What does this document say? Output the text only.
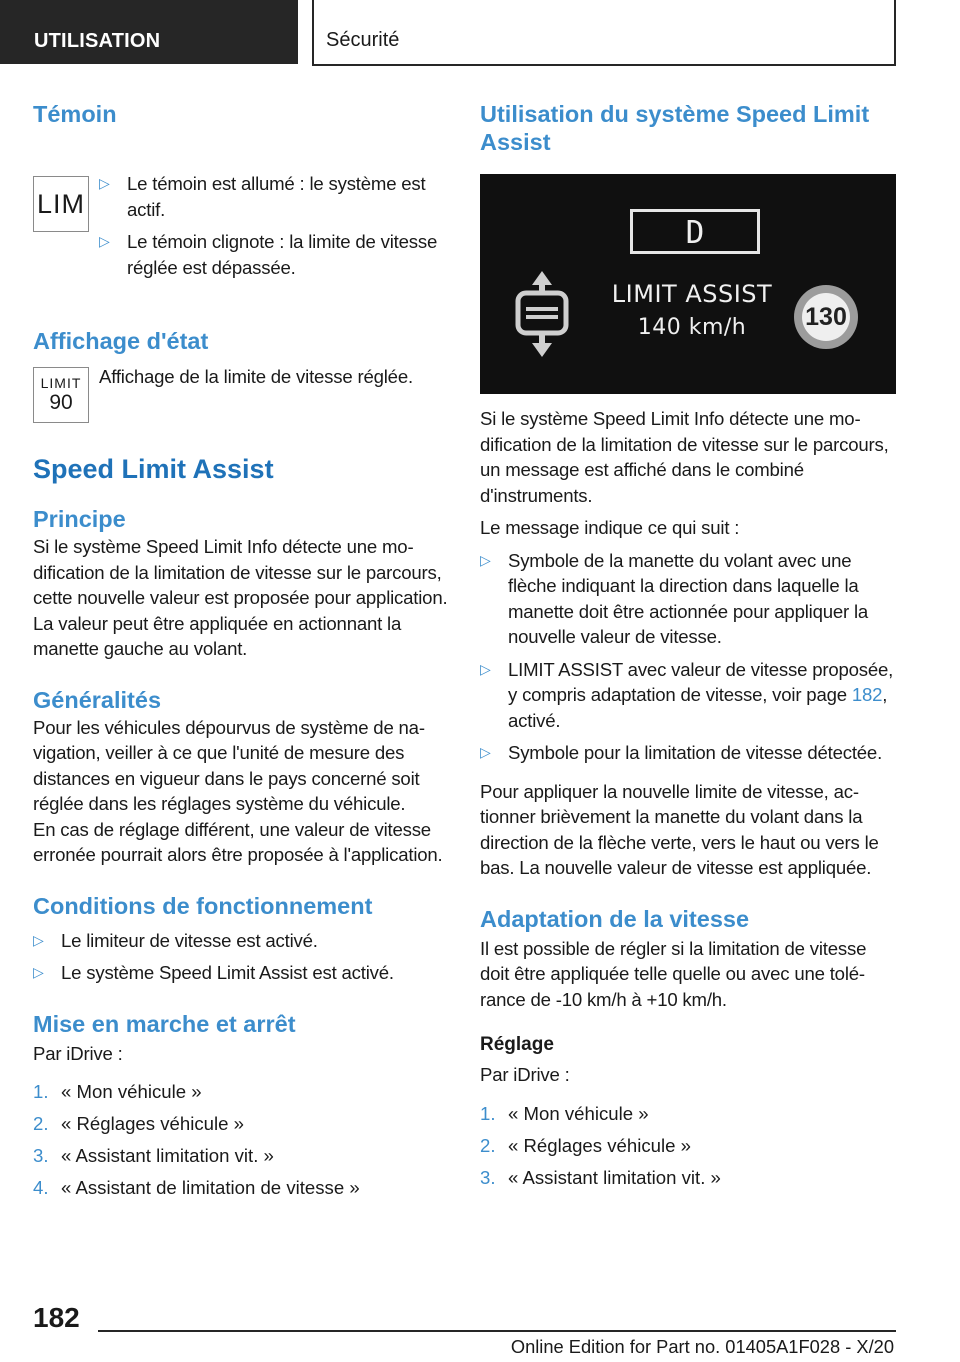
UTILISATION	Sécurité
Témoin
LIM
▷ Le témoin est allumé : le système est actif.
▷ Le témoin clignote : la limite de vitesse réglée est dépassée.
Affichage d'état
LIMIT
90

Affichage de la limite de vitesse réglée.

Speed Limit Assist
Principe

Si le système Speed Limit Info détecte une modification de la limitation de vitesse sur le parcours, cette nouvelle valeur est proposée pour application. La valeur peut être appliquée en actionnant la manette gauche au volant.

Généralités

Pour les véhicules dépourvus de système de navigation, veiller à ce que l'unité de mesure des distances en vigueur dans le pays concerné soit réglée dans les réglages système du véhicule.

En cas de réglage différent, une valeur de vitesse erronée pourrait alors être proposée à l'application.

Conditions de fonctionnement
▷ Le limiteur de vitesse est activé.
▷ Le système Speed Limit Assist est activé.
Mise en marche et arrêt

Par iDrive :

1. « Mon véhicule »
2. « Réglages véhicule »
3. « Assistant limitation vit. »
4. « Assistant de limitation de vitesse »
Utilisation du système Speed Limit Assist
D
LIMIT ASSIST
140 km/h	130

Si le système Speed Limit Info détecte une modification de la limitation de vitesse sur le parcours, un message est affiché dans le combiné d'instruments.

Le message indique ce qui suit :

▷ Symbole de la manette du volant avec une flèche indiquant la direction dans laquelle la manette doit être actionnée pour appliquer la nouvelle valeur de vitesse.
▷ LIMIT ASSIST avec valeur de vitesse proposée, y compris adaptation de vitesse, voir page 182, activé.
▷ Symbole pour la limitation de vitesse détectée.

Pour appliquer la nouvelle limite de vitesse, actionner brièvement la manette du volant dans la direction de la flèche verte, vers le haut ou vers le bas. La nouvelle valeur de vitesse est appliquée.

Adaptation de la vitesse

Il est possible de régler si la limitation de vitesse doit être appliquée telle quelle ou avec une tolérance de -10 km/h à +10 km/h.

Réglage

Par iDrive :

1. « Mon véhicule »
2. « Réglages véhicule »
3. « Assistant limitation vit. »
182
Online Edition for Part no. 01405A1F028 - X/20
